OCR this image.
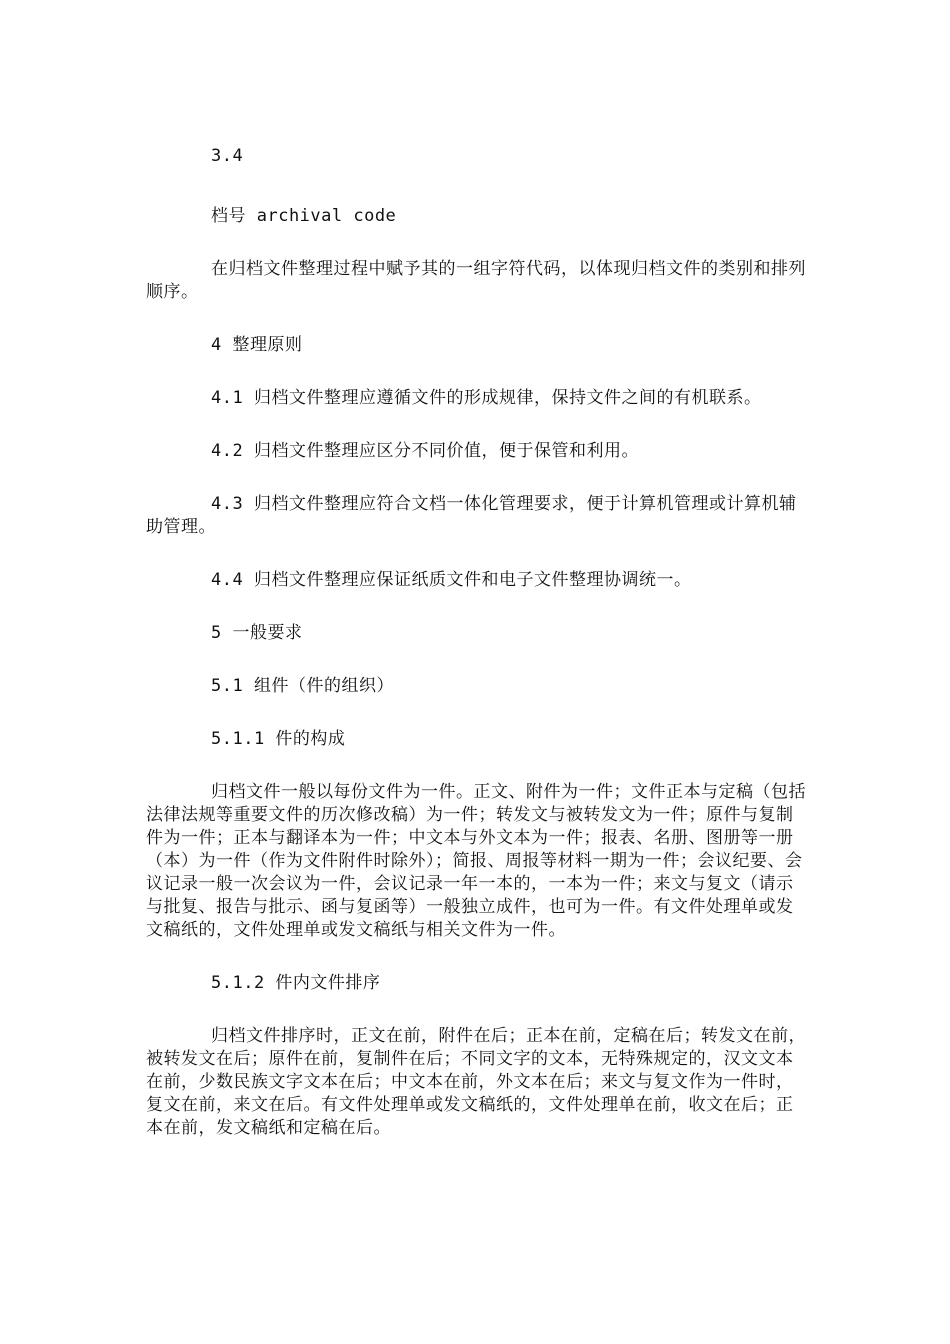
3.4

档号 archival code

在归档文件整理过程中赋予其的一组字符代码，以体现归档文件的类别和排列顺序。

4 整理原则

4.1 归档文件整理应遵循文件的形成规律，保持文件之间的有机联系。

4.2 归档文件整理应区分不同价值，便于保管和利用。

4.3 归档文件整理应符合文档一体化管理要求，便于计算机管理或计算机辅助管理。

4.4 归档文件整理应保证纸质文件和电子文件整理协调统一。

5 一般要求

5.1 组件（件的组织）

5.1.1 件的构成

归档文件一般以每份文件为一件。正文、附件为一件；文件正本与定稿（包括法律法规等重要文件的历次修改稿）为一件；转发文与被转发文为一件；原件与复制件为一件；正本与翻译本为一件；中文本与外文本为一件；报表、名册、图册等一册（本）为一件（作为文件附件时除外）；简报、周报等材料一期为一件；会议纪要、会议记录一般一次会议为一件，会议记录一年一本的，一本为一件；来文与复文（请示与批复、报告与批示、函与复函等）一般独立成件，也可为一件。有文件处理单或发文稿纸的，文件处理单或发文稿纸与相关文件为一件。

5.1.2 件内文件排序

归档文件排序时，正文在前，附件在后；正本在前，定稿在后；转发文在前，被转发文在后；原件在前，复制件在后；不同文字的文本，无特殊规定的，汉文文本在前，少数民族文字文本在后；中文本在前，外文本在后；来文与复文作为一件时，复文在前，来文在后。有文件处理单或发文稿纸的，文件处理单在前，收文在后；正本在前，发文稿纸和定稿在后。
